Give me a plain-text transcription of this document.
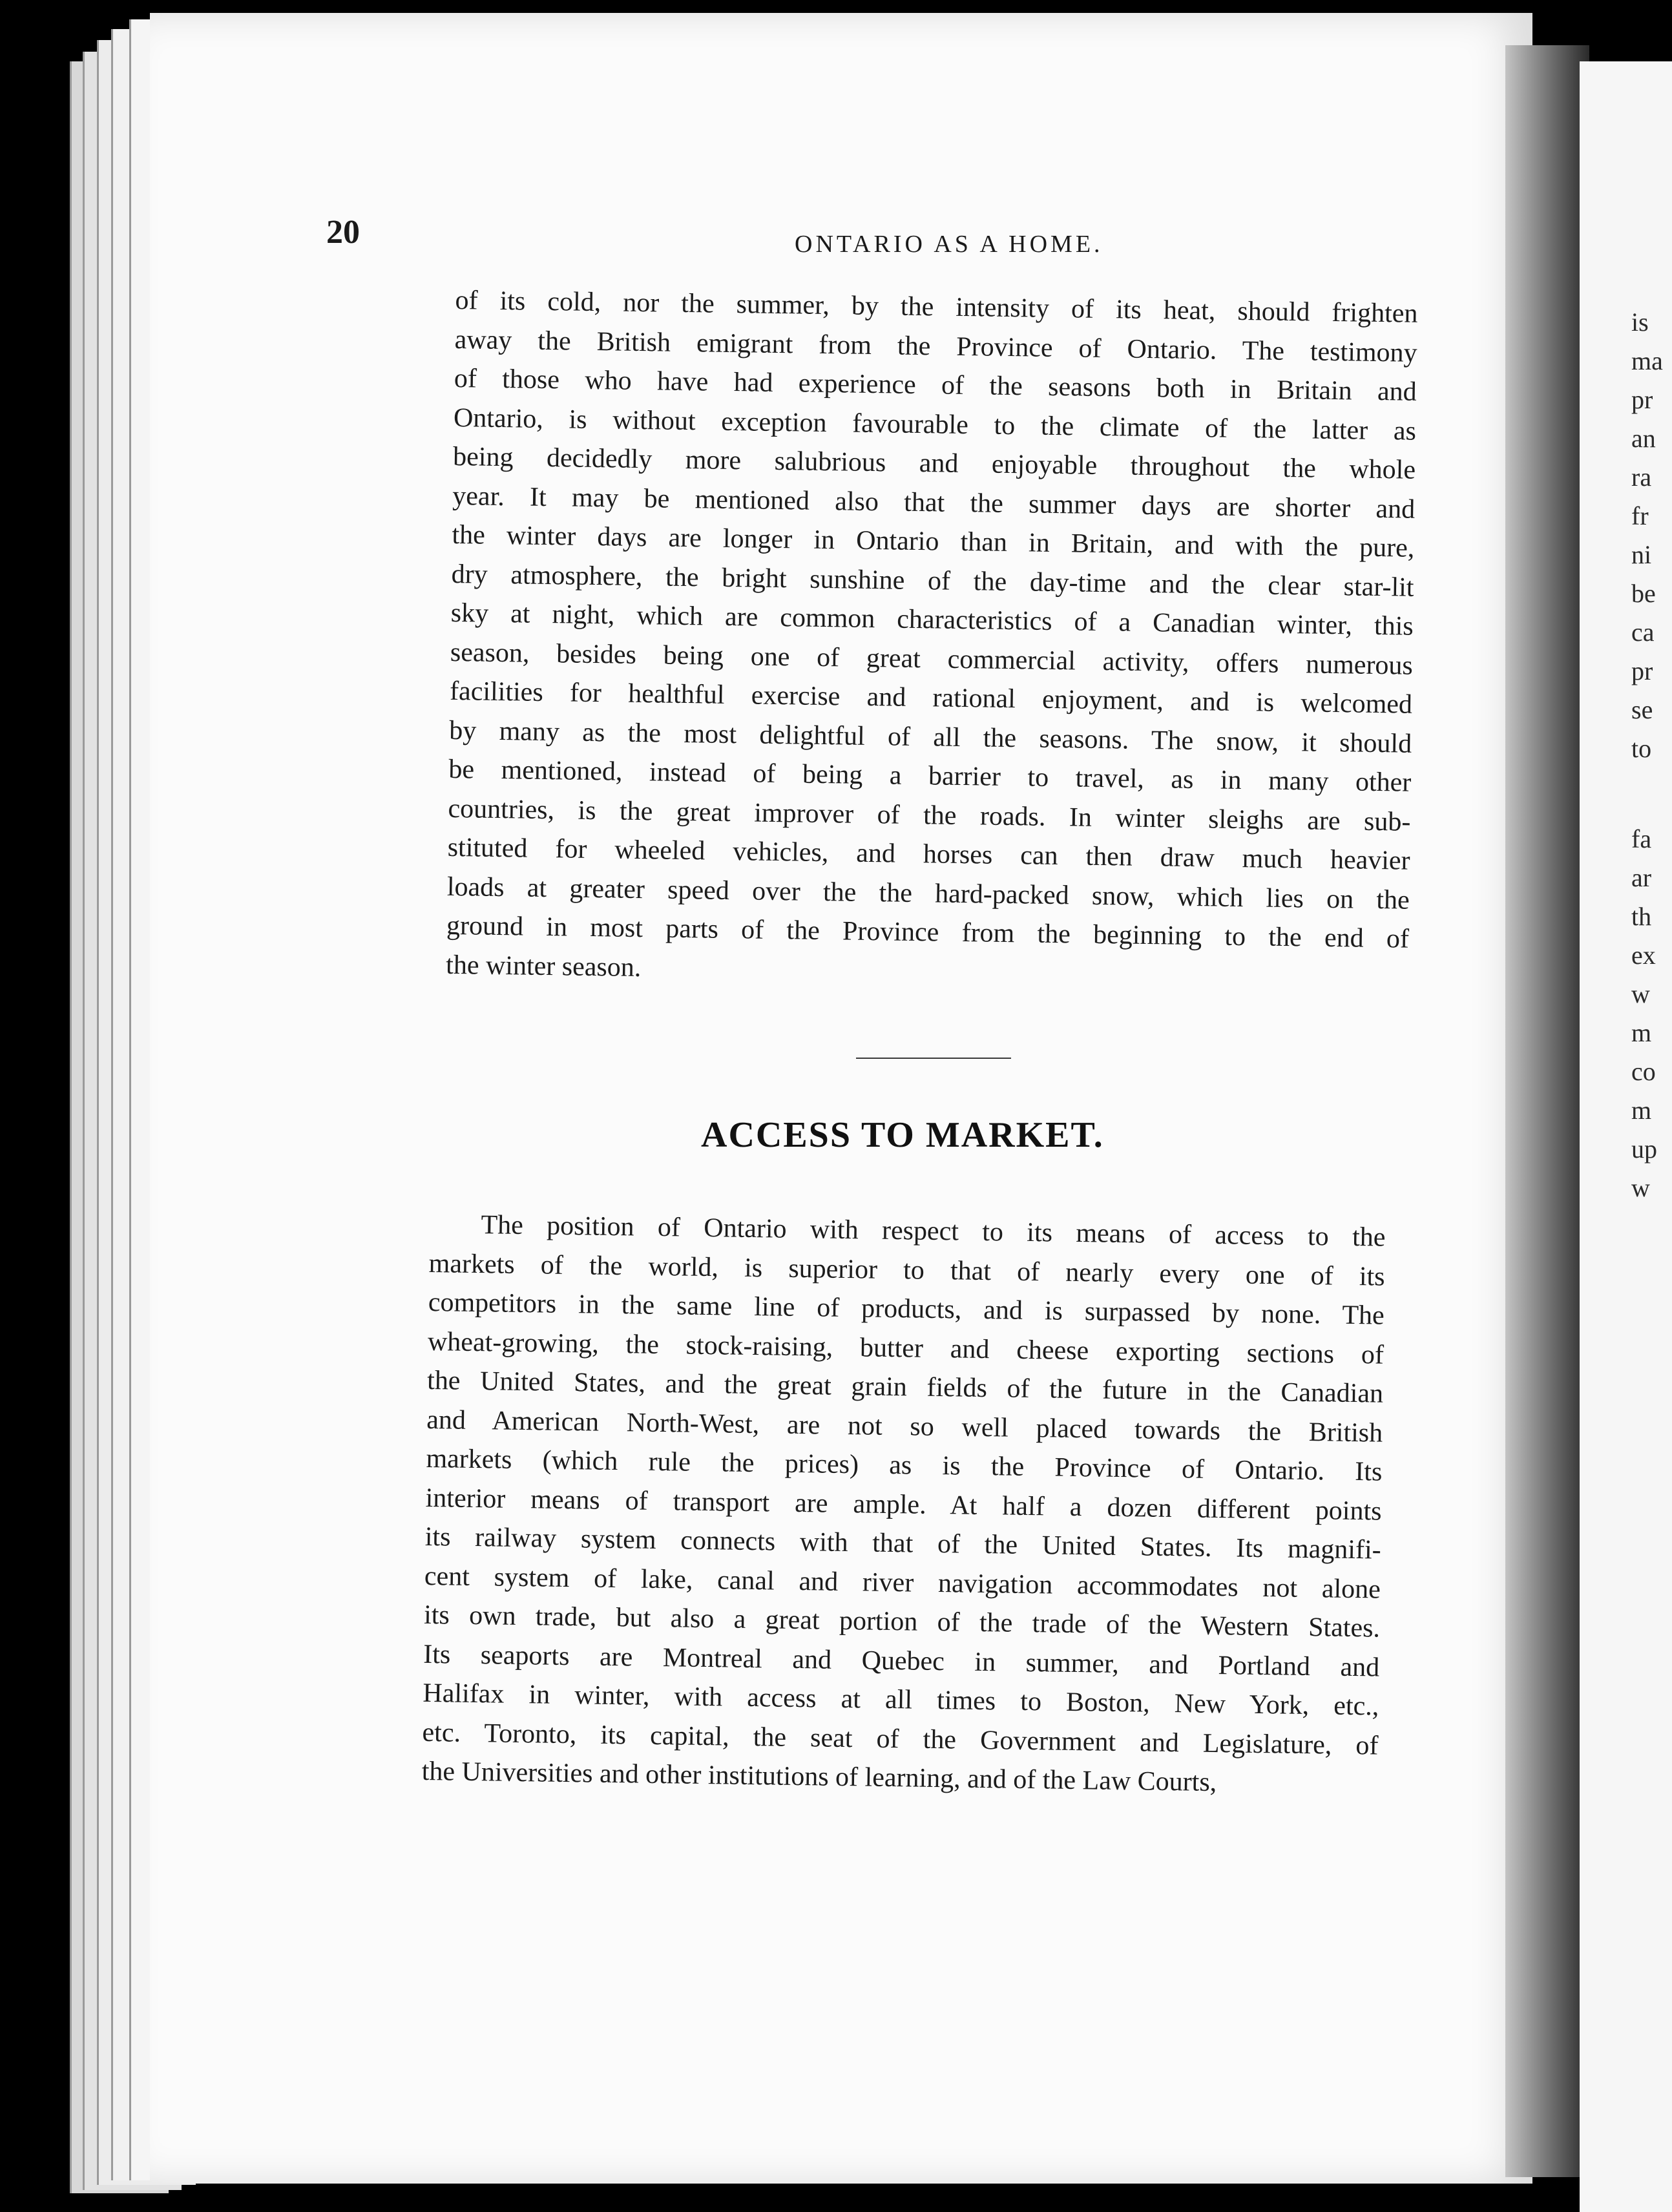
is
ma
pr
an
ra
fr
ni
be
ca
pr
se
to
fa
ar
th
ex
w
m
co
m
up
w
20	ONTARIO AS A HOME.
of its cold, nor the summer, by the intensity of its heat, should frighten
away the British emigrant from the Province of Ontario. The testimony
of those who have had experience of the seasons both in Britain and
Ontario, is without exception favourable to the climate of the latter as
being decidedly more salubrious and enjoyable throughout the whole
year. It may be mentioned also that the summer days are shorter and
the winter days are longer in Ontario than in Britain, and with the pure,
dry atmosphere, the bright sunshine of the day-time and the clear star-lit
sky at night, which are common characteristics of a Canadian winter, this
season, besides being one of great commercial activity, offers numerous
facilities for healthful exercise and rational enjoyment, and is welcomed
by many as the most delightful of all the seasons. The snow, it should
be mentioned, instead of being a barrier to travel, as in many other
countries, is the great improver of the roads. In winter sleighs are sub-
stituted for wheeled vehicles, and horses can then draw much heavier
loads at greater speed over the the hard-packed snow, which lies on the
ground in most parts of the Province from the beginning to the end of
the winter season.
ACCESS TO MARKET.
The position of Ontario with respect to its means of access to the
markets of the world, is superior to that of nearly every one of its
competitors in the same line of products, and is surpassed by none. The
wheat-growing, the stock-raising, butter and cheese exporting sections of
the United States, and the great grain fields of the future in the Canadian
and American North-West, are not so well placed towards the British
markets (which rule the prices) as is the Province of Ontario. Its
interior means of transport are ample. At half a dozen different points
its railway system connects with that of the United States. Its magnifi-
cent system of lake, canal and river navigation accommodates not alone
its own trade, but also a great portion of the trade of the Western States.
Its seaports are Montreal and Quebec in summer, and Portland and
Halifax in winter, with access at all times to Boston, New York, etc.,
etc. Toronto, its capital, the seat of the Government and Legislature, of
the Universities and other institutions of learning, and of the Law Courts,
